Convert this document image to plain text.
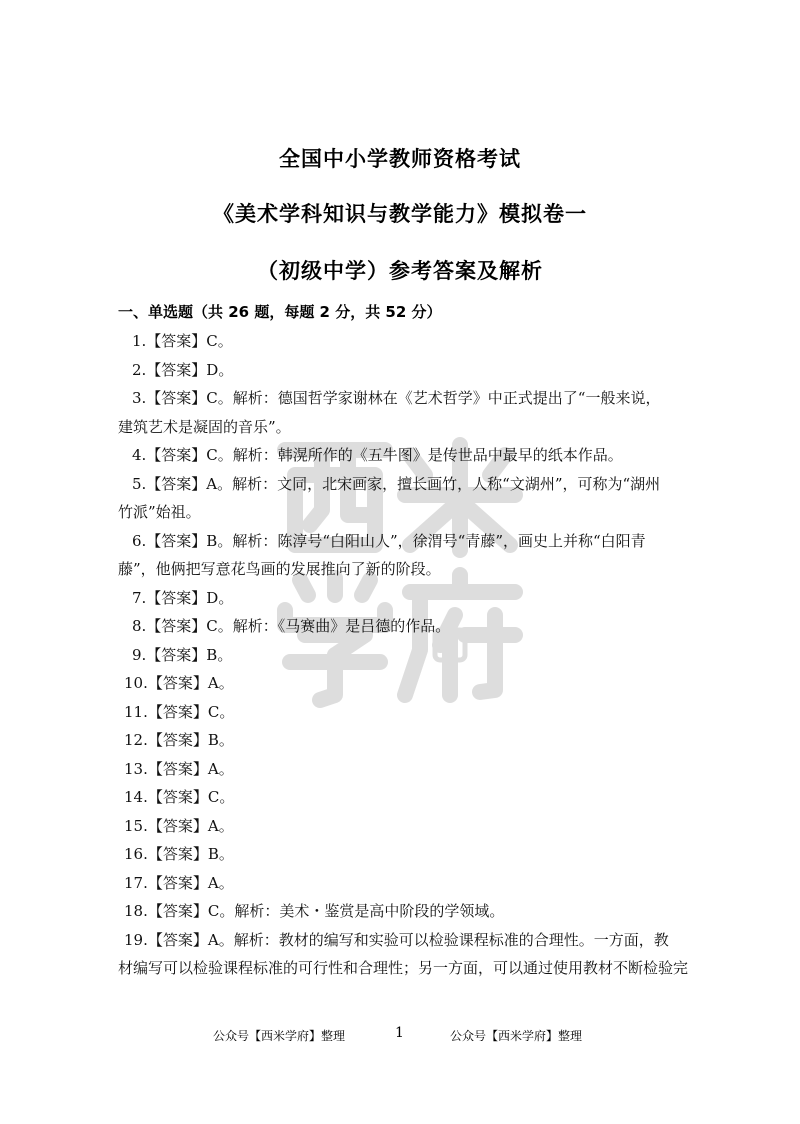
全国中小学教师资格考试
《美术学科知识与教学能力》模拟卷一
（初级中学）参考答案及解析
一、单选题（共 26 题，每题 2 分，共 52 分）
1.【答案】C。
2.【答案】D。
3.【答案】C。解析：德国哲学家谢林在《艺术哲学》中正式提出了“一般来说，
建筑艺术是凝固的音乐”。
4.【答案】C。解析：韩滉所作的《五牛图》是传世品中最早的纸本作品。
5.【答案】A。解析：文同，北宋画家，擅长画竹，人称“文湖州”，可称为“湖州
竹派”始祖。
6.【答案】B。解析：陈淳号“白阳山人”，徐渭号“青藤”，画史上并称“白阳青
藤”，他俩把写意花鸟画的发展推向了新的阶段。
7.【答案】D。
8.【答案】C。解析：《马赛曲》是吕德的作品。
9.【答案】B。
10.【答案】A。
11.【答案】C。
12.【答案】B。
13.【答案】A。
14.【答案】C。
15.【答案】A。
16.【答案】B。
17.【答案】A。
18.【答案】C。解析：美术・鉴赏是高中阶段的学领域。
19.【答案】A。解析：教材的编写和实验可以检验课程标准的合理性。一方面，教
材编写可以检验课程标准的可行性和合理性；另一方面，可以通过使用教材不断检验完
公众号【西米学府】整理	1	公众号【西米学府】整理
